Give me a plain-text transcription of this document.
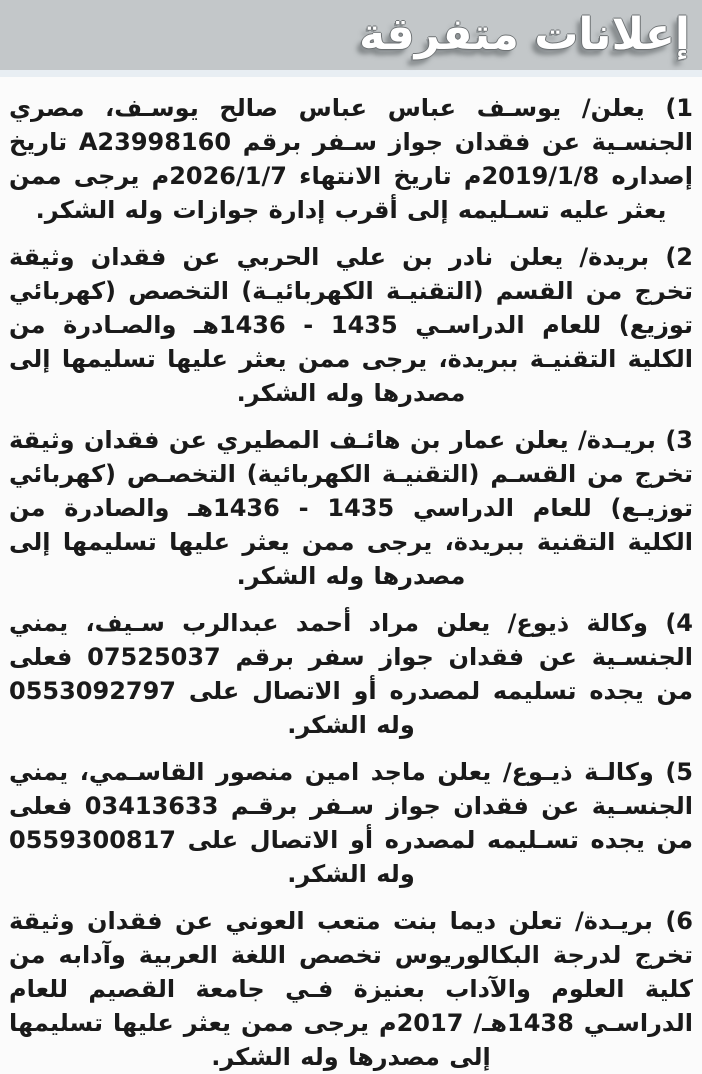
إعلانات متفرقة

1) يعلن/ يوسـف عباس عباس صالح يوسـف، مصري الجنسـية عن فقدان جواز سـفر برقم A23998160 تاريخ إصداره 2019/1/8م تاريخ الانتهاء 2026/1/7م يرجى ممن يعثر عليه تسـليمه إلى أقرب إدارة جوازات وله الشكر.

2) بريدة/ يعلن نادر بن علي الحربي عن فقدان وثيقة تخرج من القسم (التقنيـة الكهربائيـة) التخصص (كهربائي توزيع) للعام الدراسـي 1435 - 1436هـ والصـادرة من الكلية التقنيـة ببريدة، يرجى ممن يعثر عليها تسليمها إلى مصدرها وله الشكر.

3) بريـدة/ يعلن عمار بن هائـف المطيري عن فقدان وثيقة تخرج من القسـم (التقنيـة الكهربائية) التخصـص (كهربائي توزيـع) للعام الدراسي 1435 - 1436هـ والصادرة من الكلية التقنية ببريدة، يرجى ممن يعثر عليها تسليمها إلى مصدرها وله الشكر.

4) وكالة ذيوع/ يعلن مراد أحمد عبدالرب سـيف، يمني الجنسـية عن فقدان جواز سفر برقم 07525037 فعلى من يجده تسليمه لمصدره أو الاتصال على 0553092797 وله الشكر.

5) وكالـة ذيـوع/ يعلن ماجد امين منصور القاسـمي، يمني الجنسـية عن فقدان جواز سـفر برقـم 03413633 فعلى من يجده تسـليمه لمصدره أو الاتصال على 0559300817 وله الشكر.

6) بريـدة/ تعلن ديما بنت متعب العوني عن فقدان وثيقة تخرج لدرجة البكالوريوس تخصص اللغة العربية وآدابه من كلية العلوم والآداب بعنيزة فـي جامعة القصيم للعام الدراسـي 1438هـ/ 2017م يرجى ممن يعثر عليها تسليمها إلى مصدرها وله الشكر.
